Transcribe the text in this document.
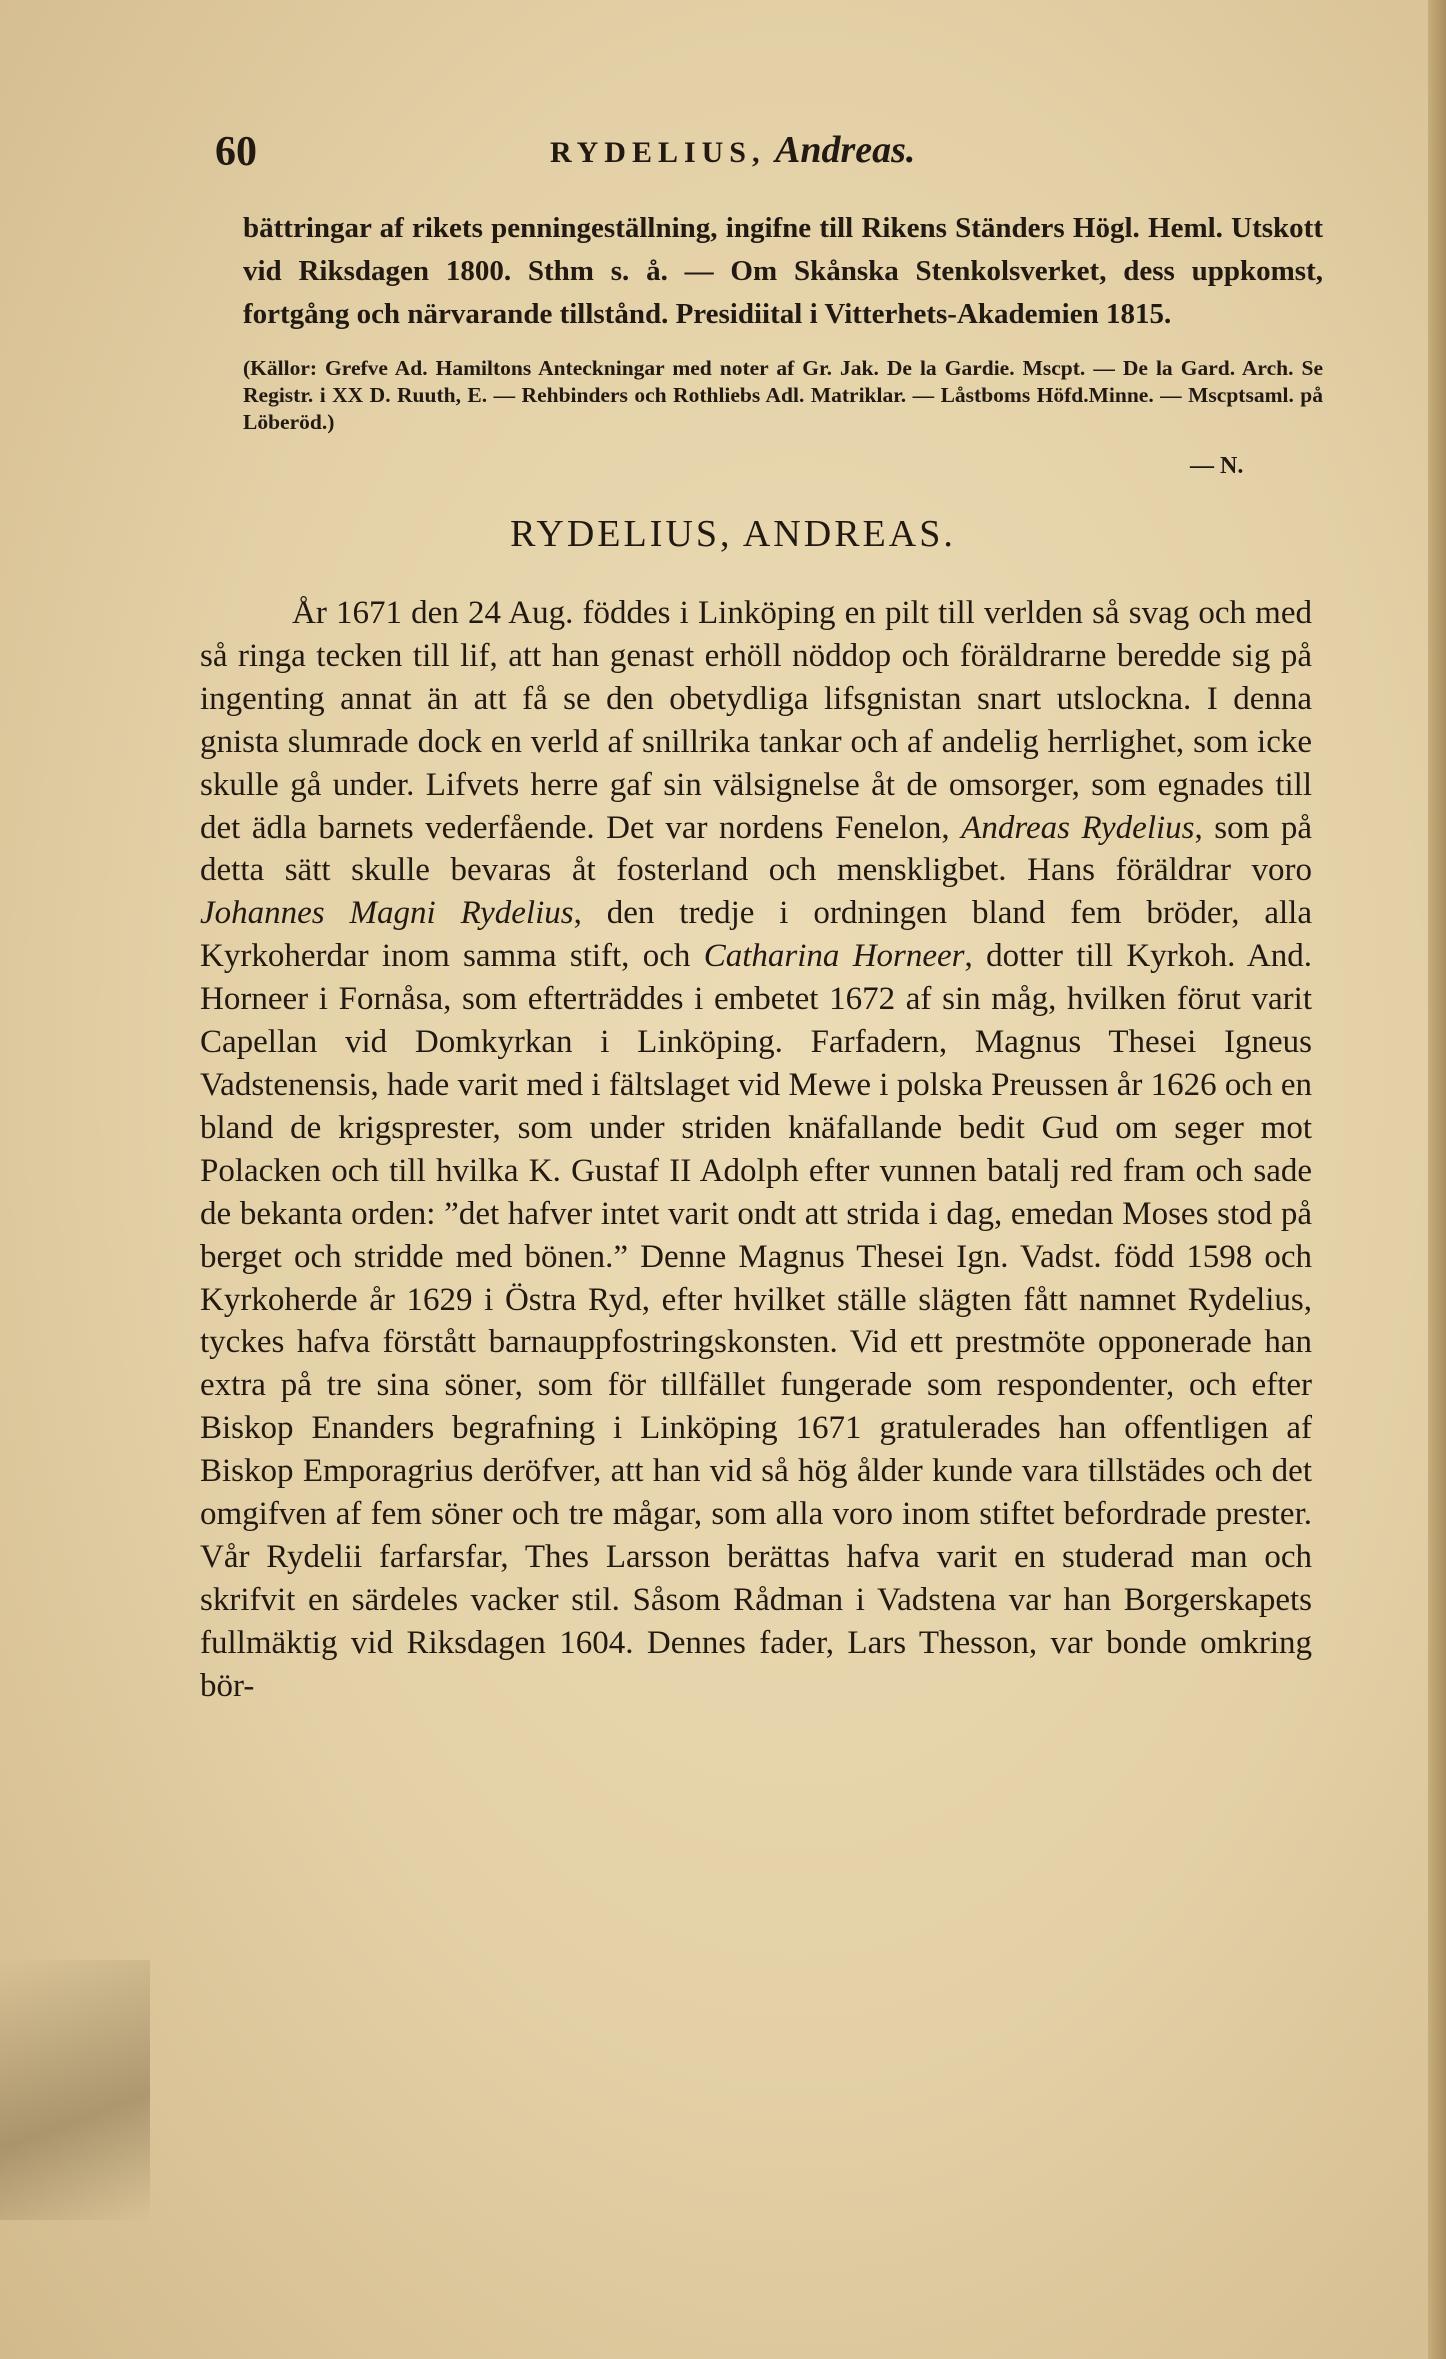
60	RYDELIUS, Andreas.
bättringar af rikets penningeställning, ingifne till Rikens Ständers Högl. Heml. Utskott vid Riksdagen 1800. Sthm s. å. — Om Skånska Stenkolsverket, dess uppkomst, fortgång och närvarande tillstånd. Presidiital i Vitterhets-Akademien 1815.
(Källor: Grefve Ad. Hamiltons Anteckningar med noter af Gr. Jak. De la Gardie. Mscpt. — De la Gard. Arch. Se Registr. i XX D. Ruuth, E. — Rehbinders och Rothliebs Adl. Matriklar. — Låstboms Höfd.Minne. — Mscptsaml. på Löberöd.)
— N.
RYDELIUS, ANDREAS.

År 1671 den 24 Aug. föddes i Linköping en pilt till verlden så svag och med så ringa tecken till lif, att han genast erhöll nöddop och föräldrarne beredde sig på ingenting annat än att få se den obetydliga lifsgnistan snart utslockna. I denna gnista slumrade dock en verld af snillrika tankar och af andelig herrlighet, som icke skulle gå under. Lifvets herre gaf sin välsignelse åt de omsorger, som egnades till det ädla barnets vederfående. Det var nordens Fenelon, Andreas Rydelius, som på detta sätt skulle bevaras åt fosterland och menskligbet. Hans föräldrar voro Johannes Magni Rydelius, den tredje i ordningen bland fem bröder, alla Kyrkoherdar inom samma stift, och Catharina Horneer, dotter till Kyrkoh. And. Horneer i Fornåsa, som efterträddes i embetet 1672 af sin måg, hvilken förut varit Capellan vid Domkyrkan i Linköping. Farfadern, Magnus Thesei Igneus Vadstenensis, hade varit med i fältslaget vid Mewe i polska Preussen år 1626 och en bland de krigsprester, som under striden knäfallande bedit Gud om seger mot Polacken och till hvilka K. Gustaf II Adolph efter vunnen batalj red fram och sade de bekanta orden: ”det hafver intet varit ondt att strida i dag, emedan Moses stod på berget och stridde med bönen.” Denne Magnus Thesei Ign. Vadst. född 1598 och Kyrkoherde år 1629 i Östra Ryd, efter hvilket ställe slägten fått namnet Rydelius, tyckes hafva förstått barnauppfostringskonsten. Vid ett prestmöte opponerade han extra på tre sina söner, som för tillfället fungerade som respondenter, och efter Biskop Enanders begrafning i Linköping 1671 gratulerades han offentligen af Biskop Emporagrius deröfver, att han vid så hög ålder kunde vara tillstädes och det omgifven af fem söner och tre mågar, som alla voro inom stiftet befordrade prester. Vår Rydelii farfarsfar, Thes Larsson berättas hafva varit en studerad man och skrifvit en särdeles vacker stil. Såsom Rådman i Vadstena var han Borgerskapets fullmäktig vid Riksdagen 1604. Dennes fader, Lars Thesson, var bonde omkring bör-
